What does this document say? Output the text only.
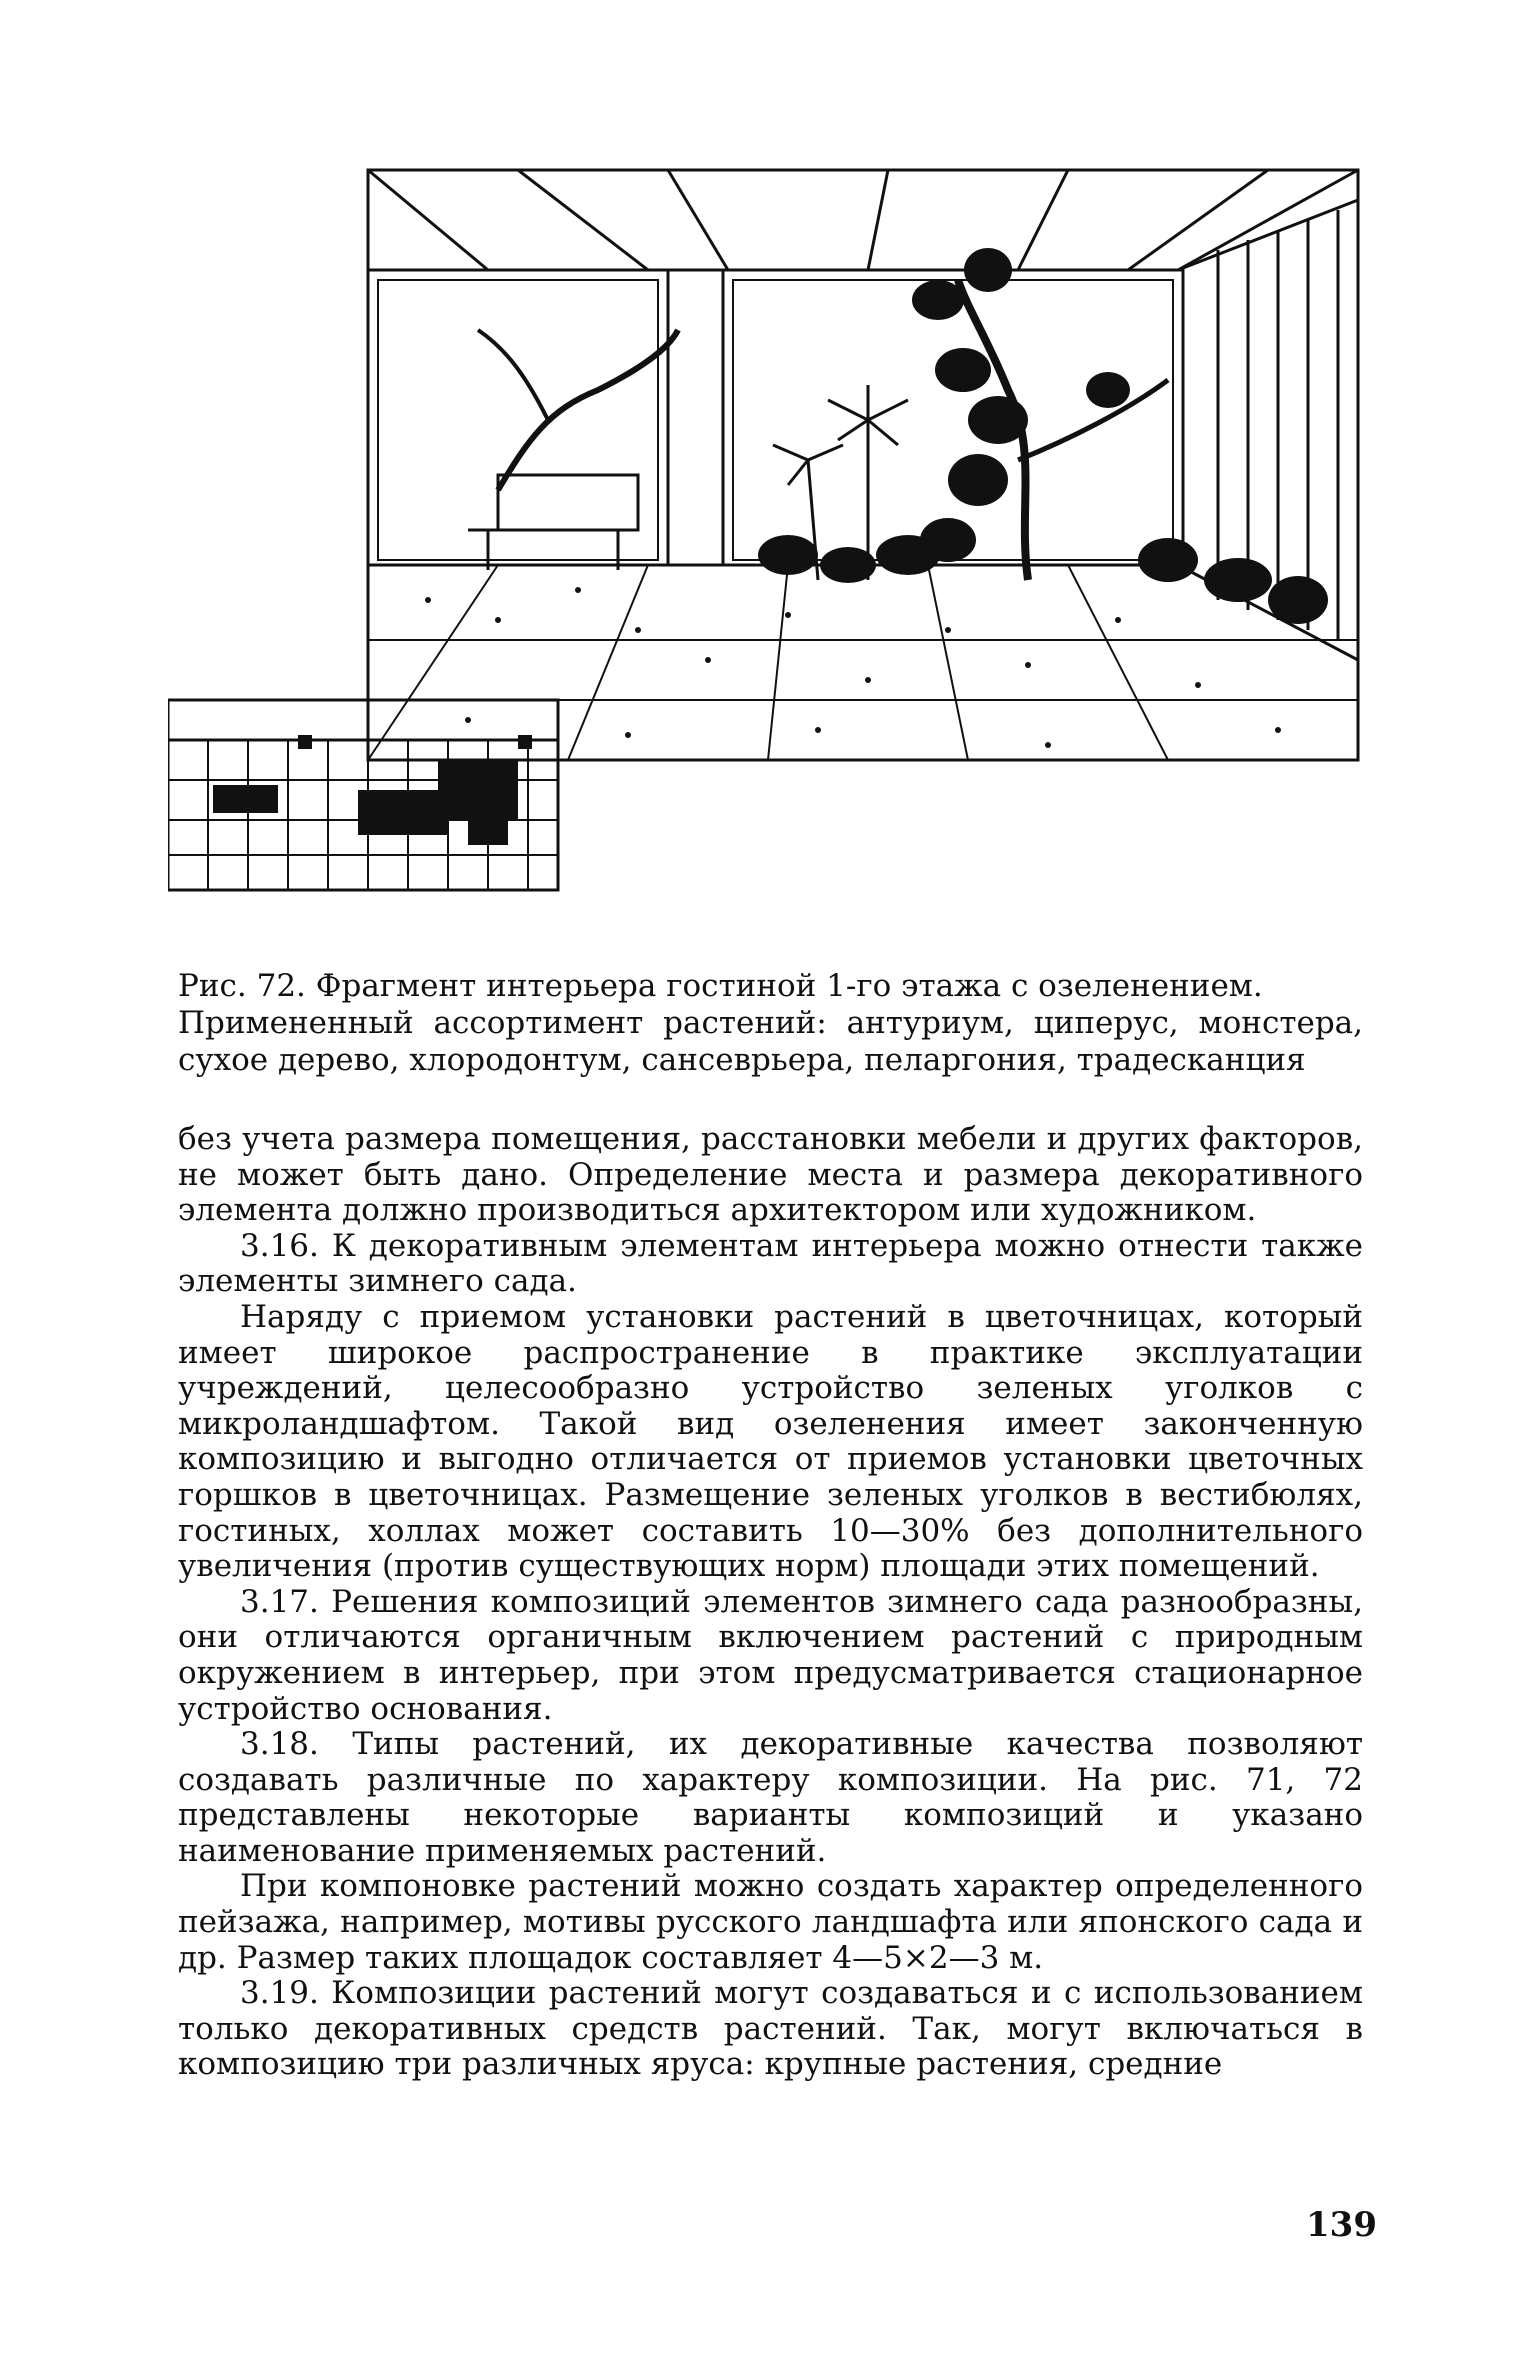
Рис. 72. Фрагмент интерьера гостиной 1-го этажа с озеленением.

Примененный ассортимент растений: антуриум, циперус, монстера, сухое дерево, хлородонтум, сансеврьера, пеларгония, традесканция

без учета размера помещения, расстановки мебели и других факторов, не может быть дано. Определение места и размера декоративного элемента должно производиться архитектором или художником.

3.16. К декоративным элементам интерьера можно отнести также элементы зимнего сада.

Наряду с приемом установки растений в цветочницах, который имеет широкое распространение в практике эксплуатации учреждений, целесообразно устройство зеленых уголков с микроландшафтом. Такой вид озеленения имеет законченную композицию и выгодно отличается от приемов установки цветочных горшков в цветочницах. Размещение зеленых уголков в вестибюлях, гостиных, холлах может составить 10—30% без дополнительного увеличения (против существующих норм) площади этих помещений.

3.17. Решения композиций элементов зимнего сада разнообразны, они отличаются органичным включением растений с природным окружением в интерьер, при этом предусматривается стационарное устройство основания.

3.18. Типы растений, их декоративные качества позволяют создавать различные по характеру композиции. На рис. 71, 72 представлены некоторые варианты композиций и указано наименование применяемых растений.

При компоновке растений можно создать характер определенного пейзажа, например, мотивы русского ландшафта или японского сада и др. Размер таких площадок составляет 4—5×2—3 м.

3.19. Композиции растений могут создаваться и с использованием только декоративных средств растений. Так, могут включаться в композицию три различных яруса: крупные растения, средние

139
